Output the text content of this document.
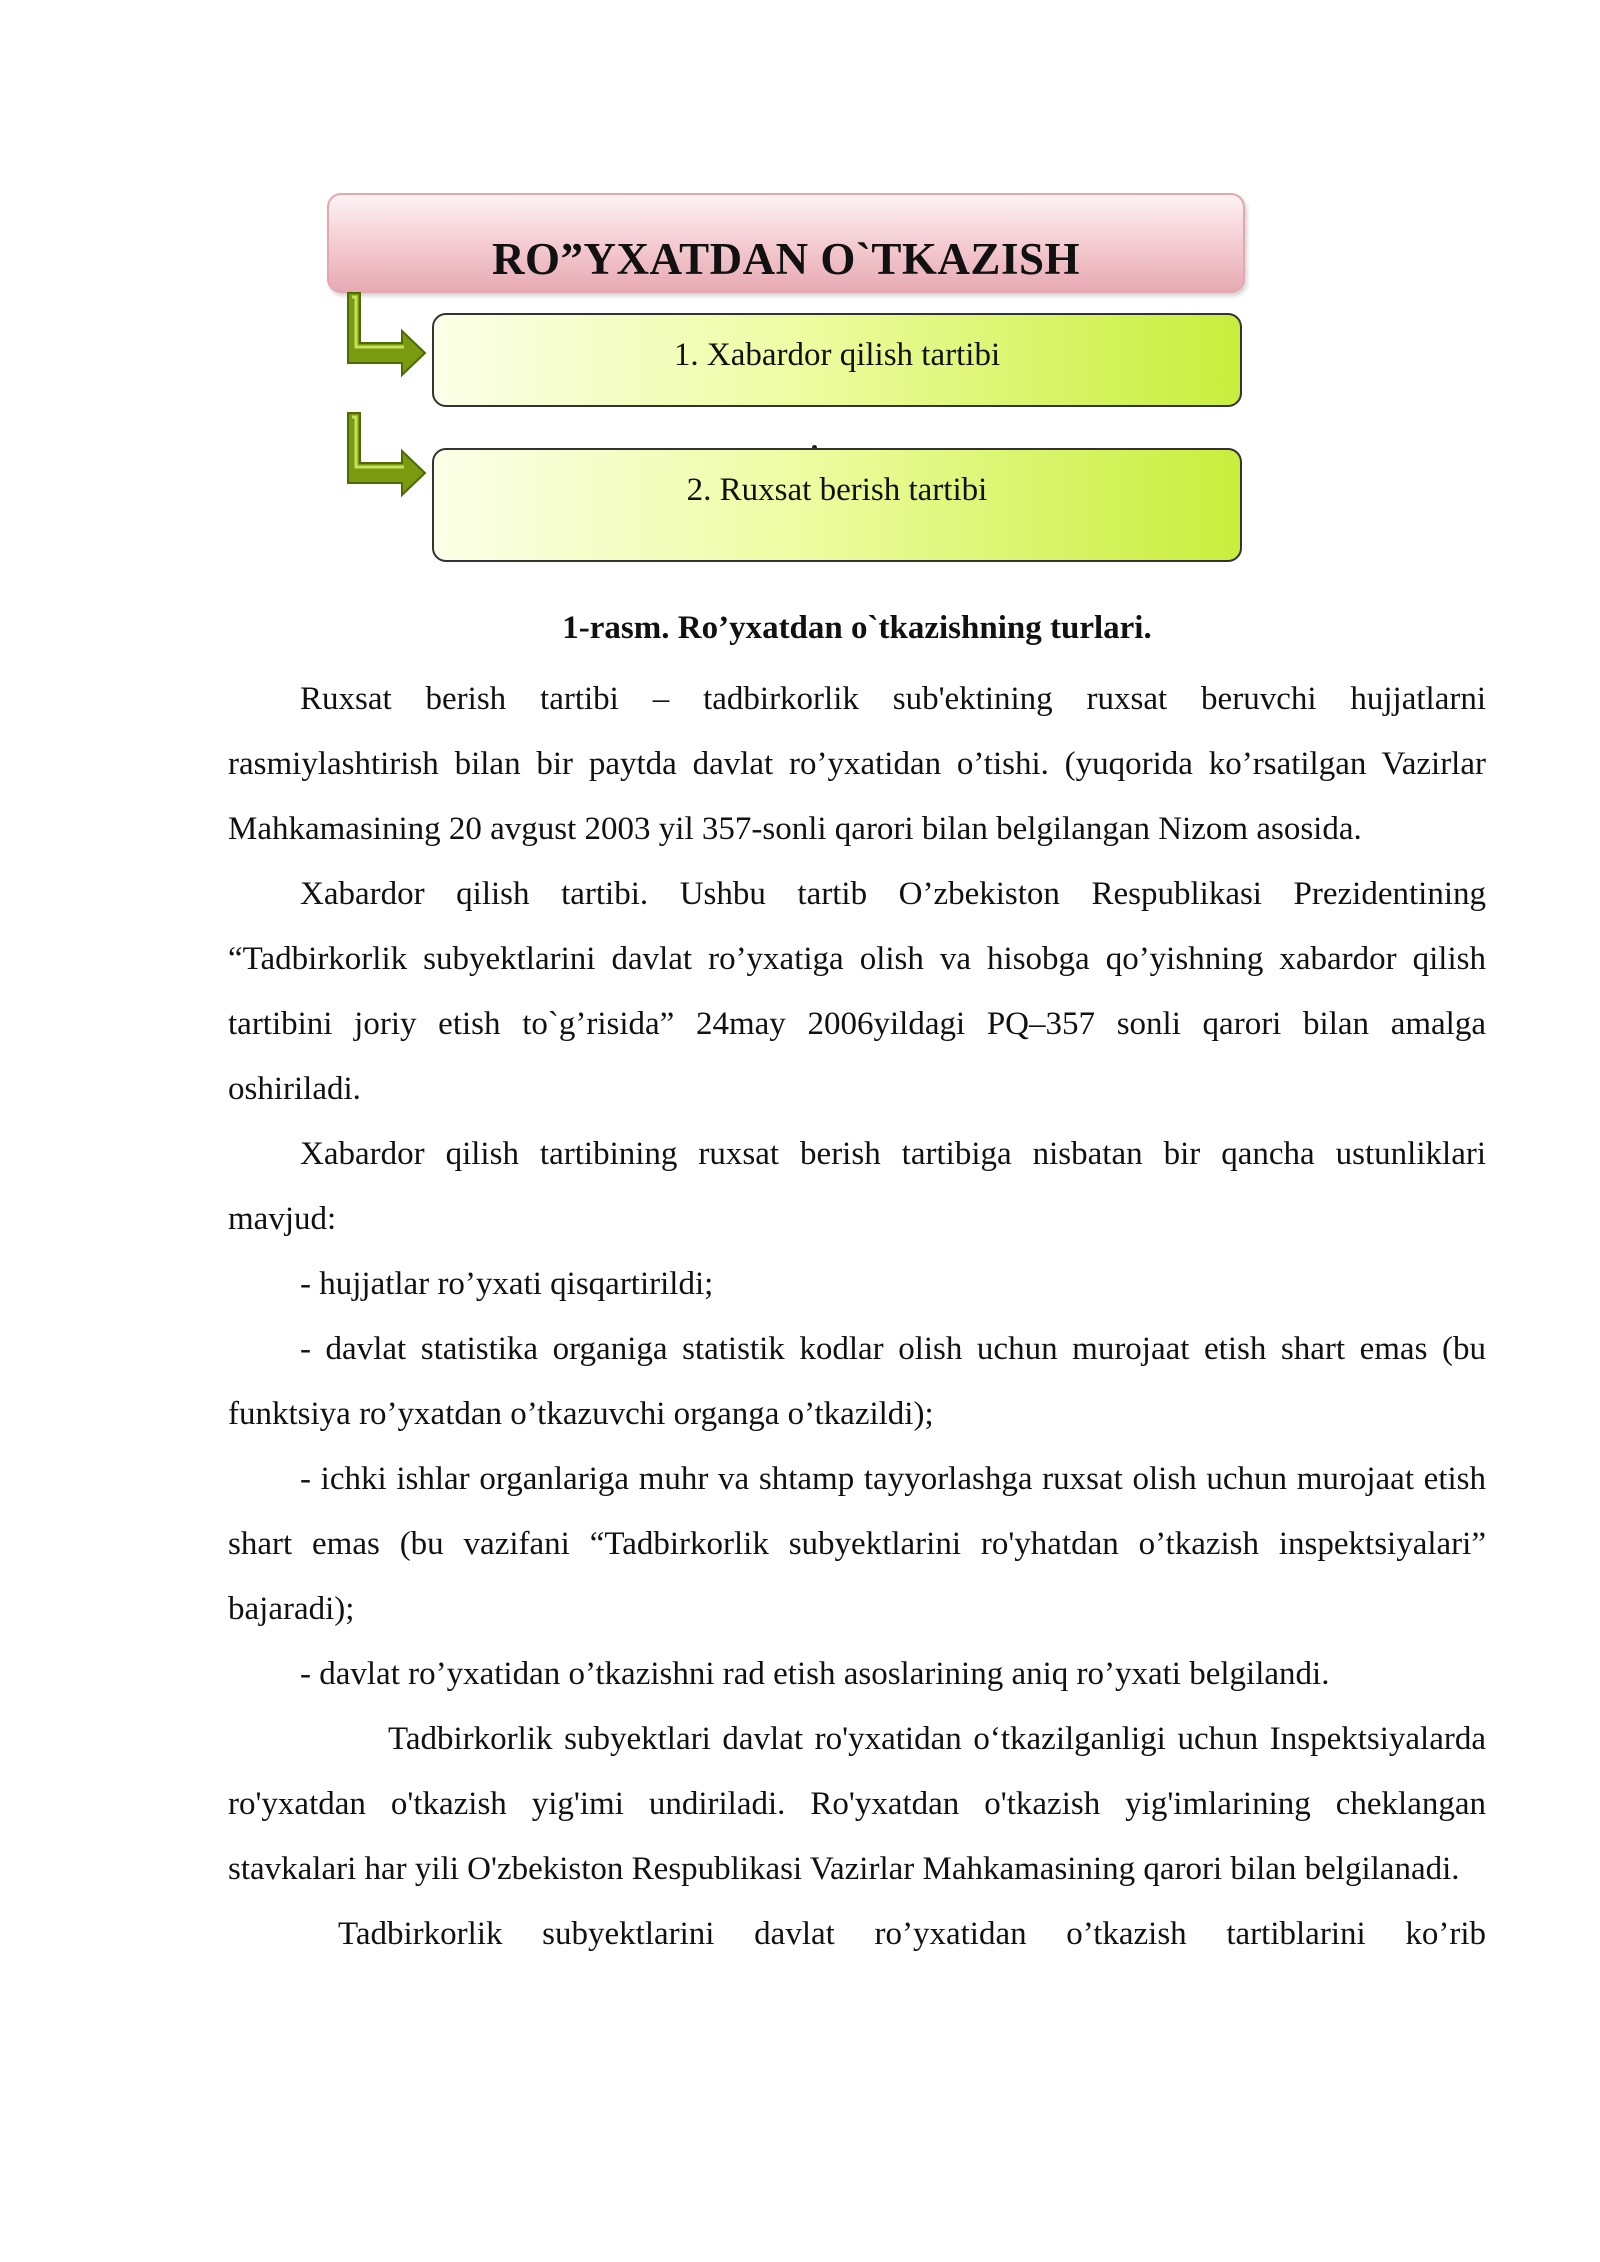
RO”YXATDAN O`TKAZISH
1. Xabardor qilish tartibi
2. Ruxsat berish tartibi
1-rasm. Ro’yxatdan o`tkazishning turlari.

Ruxsat berish tartibi – tadbirkorlik sub'ektining ruxsat beruvchi hujjatlarni rasmiylashtirish bilan bir paytda davlat ro’yxatidan o’tishi. (yuqorida ko’rsatilgan Vazirlar Mahkamasining 20 avgust 2003 yil 357-sonli qarori bilan belgilangan Nizom asosida.

Xabardor qilish tartibi. Ushbu tartib O’zbekiston Respublikasi Prezidentining “Tadbirkorlik subyektlarini davlat ro’yxatiga olish va hisobga qo’yishning xabardor qilish tartibini joriy etish to`g’risida” 24may 2006yildagi PQ–357 sonli qarori bilan amalga oshiriladi.

Xabardor qilish tartibining ruxsat berish tartibiga nisbatan bir qancha ustunliklari mavjud:

- hujjatlar ro’yxati qisqartirildi;

- davlat statistika organiga statistik kodlar olish uchun murojaat etish shart emas (bu funktsiya ro’yxatdan o’tkazuvchi organga o’tkazildi);

- ichki ishlar organlariga muhr va shtamp tayyorlashga ruxsat olish uchun murojaat etish shart emas (bu vazifani “Tadbirkorlik subyektlarini ro'yhatdan o’tkazish inspektsiyalari” bajaradi);

- davlat ro’yxatidan o’tkazishni rad etish asoslarining aniq ro’yxati belgilandi.

Tadbirkorlik subyektlari davlat ro'yxatidan o‘tkazilganligi uchun Inspektsiyalarda ro'yxatdan o'tkazish yig'imi undiriladi. Ro'yxatdan o'tkazish yig'imlarining cheklangan stavkalari har yili O'zbekiston Respublikasi Vazirlar Mahkamasining qarori bilan belgilanadi.

Tadbirkorlik subyektlarini davlat ro’yxatidan o’tkazish tartiblarini ko’rib
